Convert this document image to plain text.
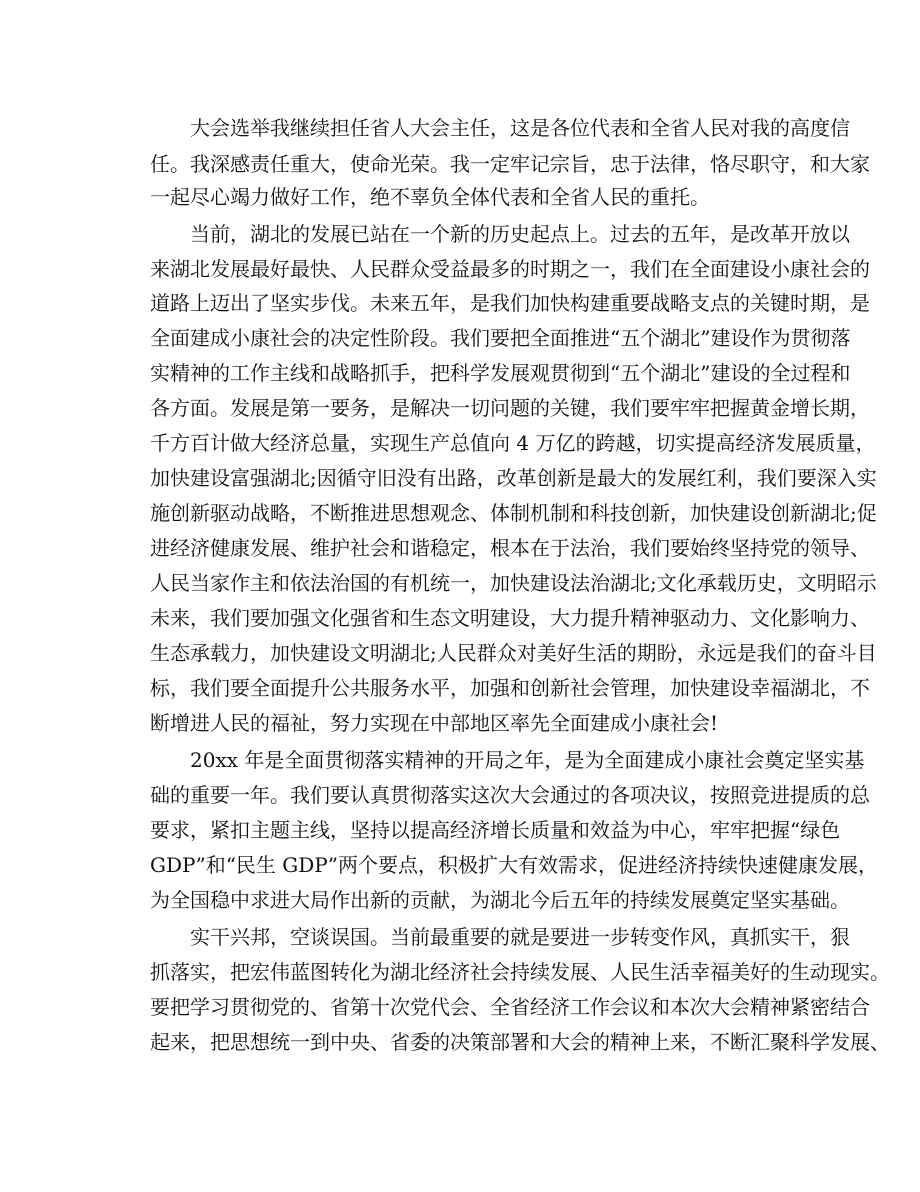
大会选举我继续担任省人大会主任，这是各位代表和全省人民对我的高度信
任。我深感责任重大，使命光荣。我一定牢记宗旨，忠于法律，恪尽职守，和大家
一起尽心竭力做好工作，绝不辜负全体代表和全省人民的重托。
当前，湖北的发展已站在一个新的历史起点上。过去的五年，是改革开放以
来湖北发展最好最快、人民群众受益最多的时期之一，我们在全面建设小康社会的
道路上迈出了坚实步伐。未来五年，是我们加快构建重要战略支点的关键时期，是
全面建成小康社会的决定性阶段。我们要把全面推进“五个湖北”建设作为贯彻落
实精神的工作主线和战略抓手，把科学发展观贯彻到“五个湖北”建设的全过程和
各方面。发展是第一要务，是解决一切问题的关键，我们要牢牢把握黄金增长期，
千方百计做大经济总量，实现生产总值向 4 万亿的跨越，切实提高经济发展质量，
加快建设富强湖北;因循守旧没有出路，改革创新是最大的发展红利，我们要深入实
施创新驱动战略，不断推进思想观念、体制机制和科技创新，加快建设创新湖北;促
进经济健康发展、维护社会和谐稳定，根本在于法治，我们要始终坚持党的领导、
人民当家作主和依法治国的有机统一，加快建设法治湖北;文化承载历史，文明昭示
未来，我们要加强文化强省和生态文明建设，大力提升精神驱动力、文化影响力、
生态承载力，加快建设文明湖北;人民群众对美好生活的期盼，永远是我们的奋斗目
标，我们要全面提升公共服务水平，加强和创新社会管理，加快建设幸福湖北，不
断增进人民的福祉，努力实现在中部地区率先全面建成小康社会!
20xx 年是全面贯彻落实精神的开局之年，是为全面建成小康社会奠定坚实基
础的重要一年。我们要认真贯彻落实这次大会通过的各项决议，按照竞进提质的总
要求，紧扣主题主线，坚持以提高经济增长质量和效益为中心，牢牢把握“绿色
GDP”和“民生 GDP”两个要点，积极扩大有效需求，促进经济持续快速健康发展，
为全国稳中求进大局作出新的贡献，为湖北今后五年的持续发展奠定坚实基础。
实干兴邦，空谈误国。当前最重要的就是要进一步转变作风，真抓实干，狠
抓落实，把宏伟蓝图转化为湖北经济社会持续发展、人民生活幸福美好的生动现实。
要把学习贯彻党的、省第十次党代会、全省经济工作会议和本次大会精神紧密结合
起来，把思想统一到中央、省委的决策部署和大会的精神上来，不断汇聚科学发展、
